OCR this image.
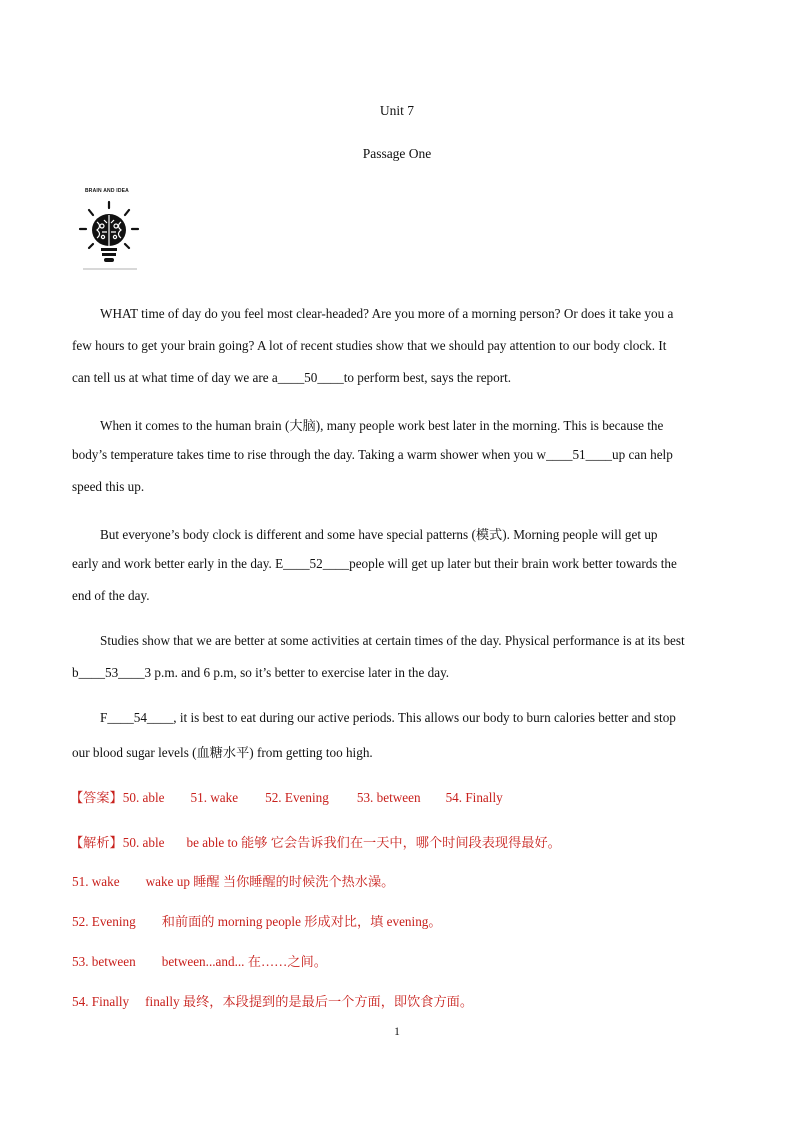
Unit 7
Passage One
BRAIN AND IDEA
WHAT time of day do you feel most clear-headed? Are you more of a morning person? Or does it take you a
few hours to get your brain going? A lot of recent studies show that we should pay attention to our body clock. It
can tell us at what time of day we are a____50____to perform best, says the report.
When it comes to the human brain (大脑), many people work best later in the morning. This is because the
body’s temperature takes time to rise through the day. Taking a warm shower when you w____51____up can help
speed this up.
But everyone’s body clock is different and some have special patterns (模式). Morning people will get up
early and work better early in the day. E____52____people will get up later but their brain work better towards the
end of the day.
Studies show that we are better at some activities at certain times of the day. Physical performance is at its best
b____53____3 p.m. and 6 p.m, so it’s better to exercise later in the day.
F____54____, it is best to eat during our active periods. This allows our body to burn calories better and stop
our blood sugar levels (血糖水平) from getting too high.
【答案】50. able 51. wake 52. Evening 53. between 54. Finally
【解析】50. able be able to 能够 它会告诉我们在一天中，哪个时间段表现得最好。
51. wake wake up 睡醒 当你睡醒的时候洗个热水澡。
52. Evening 和前面的 morning people 形成对比，填 evening。
53. between between...and... 在……之间。
54. Finally finally 最终，本段提到的是最后一个方面，即饮食方面。
1
